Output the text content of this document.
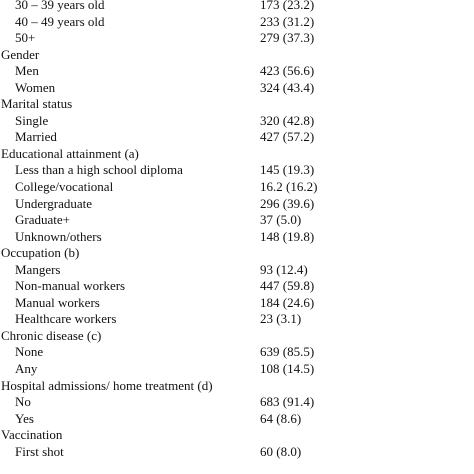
30 – 39 years old	173 (23.2)
40 – 49 years old	233 (31.2)
50+	279 (37.3)
Gender
Men	423 (56.6)
Women	324 (43.4)
Marital status
Single	320 (42.8)
Married	427 (57.2)
Educational attainment (a)
Less than a high school diploma	145 (19.3)
College/vocational	16.2 (16.2)
Undergraduate	296 (39.6)
Graduate+	37 (5.0)
Unknown/others	148 (19.8)
Occupation (b)
Mangers	93 (12.4)
Non-manual workers	447 (59.8)
Manual workers	184 (24.6)
Healthcare workers	23 (3.1)
Chronic disease (c)
None	639 (85.5)
Any	108 (14.5)
Hospital admissions/ home treatment (d)
No	683 (91.4)
Yes	64 (8.6)
Vaccination
First shot	60 (8.0)
